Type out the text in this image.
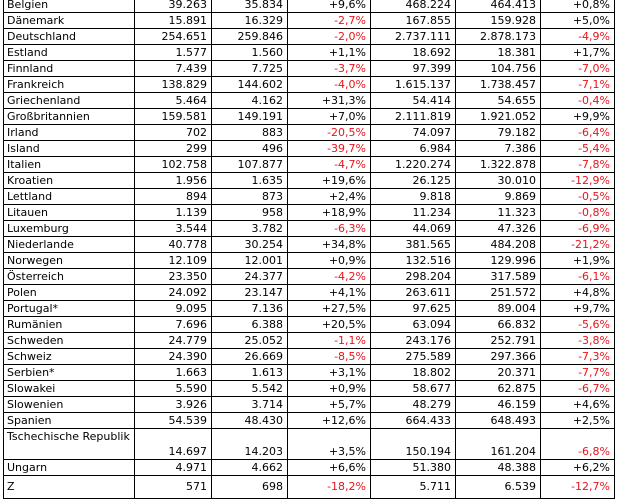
Belgien	39.263	35.834	+9,6%	468.224	464.413	+0,8%
Dänemark	15.891	16.329	-2,7%	167.855	159.928	+5,0%
Deutschland	254.651	259.846	-2,0%	2.737.111	2.878.173	-4,9%
Estland	1.577	1.560	+1,1%	18.692	18.381	+1,7%
Finnland	7.439	7.725	-3,7%	97.399	104.756	-7,0%
Frankreich	138.829	144.602	-4,0%	1.615.137	1.738.457	-7,1%
Griechenland	5.464	4.162	+31,3%	54.414	54.655	-0,4%
Großbritannien	159.581	149.191	+7,0%	2.111.819	1.921.052	+9,9%
Irland	702	883	-20,5%	74.097	79.182	-6,4%
Island	299	496	-39,7%	6.984	7.386	-5,4%
Italien	102.758	107.877	-4,7%	1.220.274	1.322.878	-7,8%
Kroatien	1.956	1.635	+19,6%	26.125	30.010	-12,9%
Lettland	894	873	+2,4%	9.818	9.869	-0,5%
Litauen	1.139	958	+18,9%	11.234	11.323	-0,8%
Luxemburg	3.544	3.782	-6,3%	44.069	47.326	-6,9%
Niederlande	40.778	30.254	+34,8%	381.565	484.208	-21,2%
Norwegen	12.109	12.001	+0,9%	132.516	129.996	+1,9%
Österreich	23.350	24.377	-4,2%	298.204	317.589	-6,1%
Polen	24.092	23.147	+4,1%	263.611	251.572	+4,8%
Portugal*	9.095	7.136	+27,5%	97.625	89.004	+9,7%
Rumänien	7.696	6.388	+20,5%	63.094	66.832	-5,6%
Schweden	24.779	25.052	-1,1%	243.176	252.791	-3,8%
Schweiz	24.390	26.669	-8,5%	275.589	297.366	-7,3%
Serbien*	1.663	1.613	+3,1%	18.802	20.371	-7,7%
Slowakei	5.590	5.542	+0,9%	58.677	62.875	-6,7%
Slowenien	3.926	3.714	+5,7%	48.279	46.159	+4,6%
Spanien	54.539	48.430	+12,6%	664.433	648.493	+2,5%
Tschechische Republik	14.697	14.203	+3,5%	150.194	161.204	-6,8%
Ungarn	4.971	4.662	+6,6%	51.380	48.388	+6,2%
Z	571	698	-18,2%	5.711	6.539	-12,7%
